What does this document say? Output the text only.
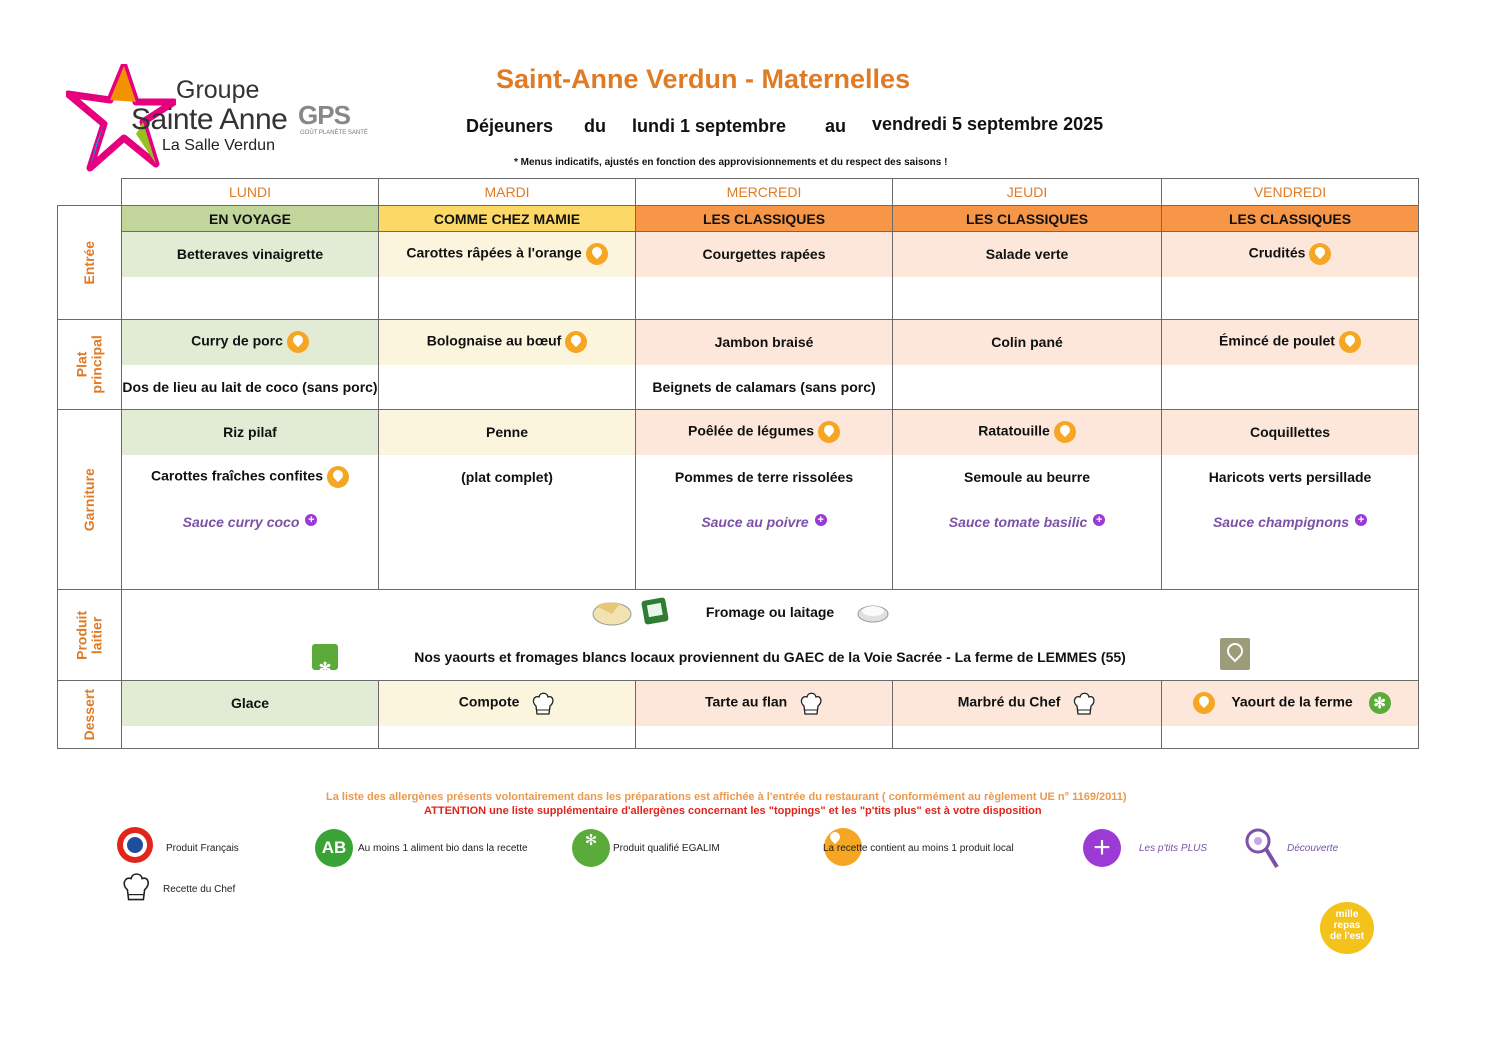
Groupe
Sainte Anne
La Salle Verdun
GPS
GOÛT PLANÈTE SANTÉ
Saint-Anne Verdun - Maternelles
Déjeuners du lundi 1 septembre au vendredi 5 septembre 2025
* Menus indicatifs, ajustés en fonction des approvisionnements et du respect des saisons !
	LUNDI	MARDI	MERCREDI	JEUDI	VENDREDI
Entrée	EN VOYAGE	COMME CHEZ MAMIE	LES CLASSIQUES	LES CLASSIQUES	LES CLASSIQUES
	Betteraves vinaigrette	Carottes râpées à l'orange	Courgettes rapées	Salade verte	Crudités

Plat principal	Curry de porc	Bolognaise au bœuf	Jambon braisé	Colin pané	Émincé de poulet
	Dos de lieu au lait de coco (sans porc)		Beignets de calamars (sans porc)		
Garniture	Riz pilaf	Penne	Poêlée de légumes	Ratatouille	Coquillettes
	Carottes fraîches confites	(plat complet)	Pommes de terre rissolées	Semoule au beurre	Haricots verts persillade
	Sauce curry coco +		Sauce au poivre +	Sauce tomate basilic +	Sauce champignons +

Produit laitier	Fromage ou laitage
✻
Nos yaourts et fromages blancs locaux proviennent du GAEC de la Voie Sacrée - La ferme de LEMMES (55)

Dessert	Glace	Compote	Tarte au flan	Marbré du Chef	Yaourt de la ferme✻

La liste des allergènes présents volontairement dans les préparations est affichée à l'entrée du restaurant ( conformément au règlement UE n° 1169/2011)
ATTENTION une liste supplémentaire d'allergènes concernant les "toppings" et les "p'tits plus" est à votre disposition
Produit Français	AB	Au moins 1 aliment bio dans la recette ✻	Produit qualifié EGALIM	La recette contient au moins 1 produit local	+	Les p'tits PLUS	Découverte
Recette du Chef
mille
repas
de l'est
